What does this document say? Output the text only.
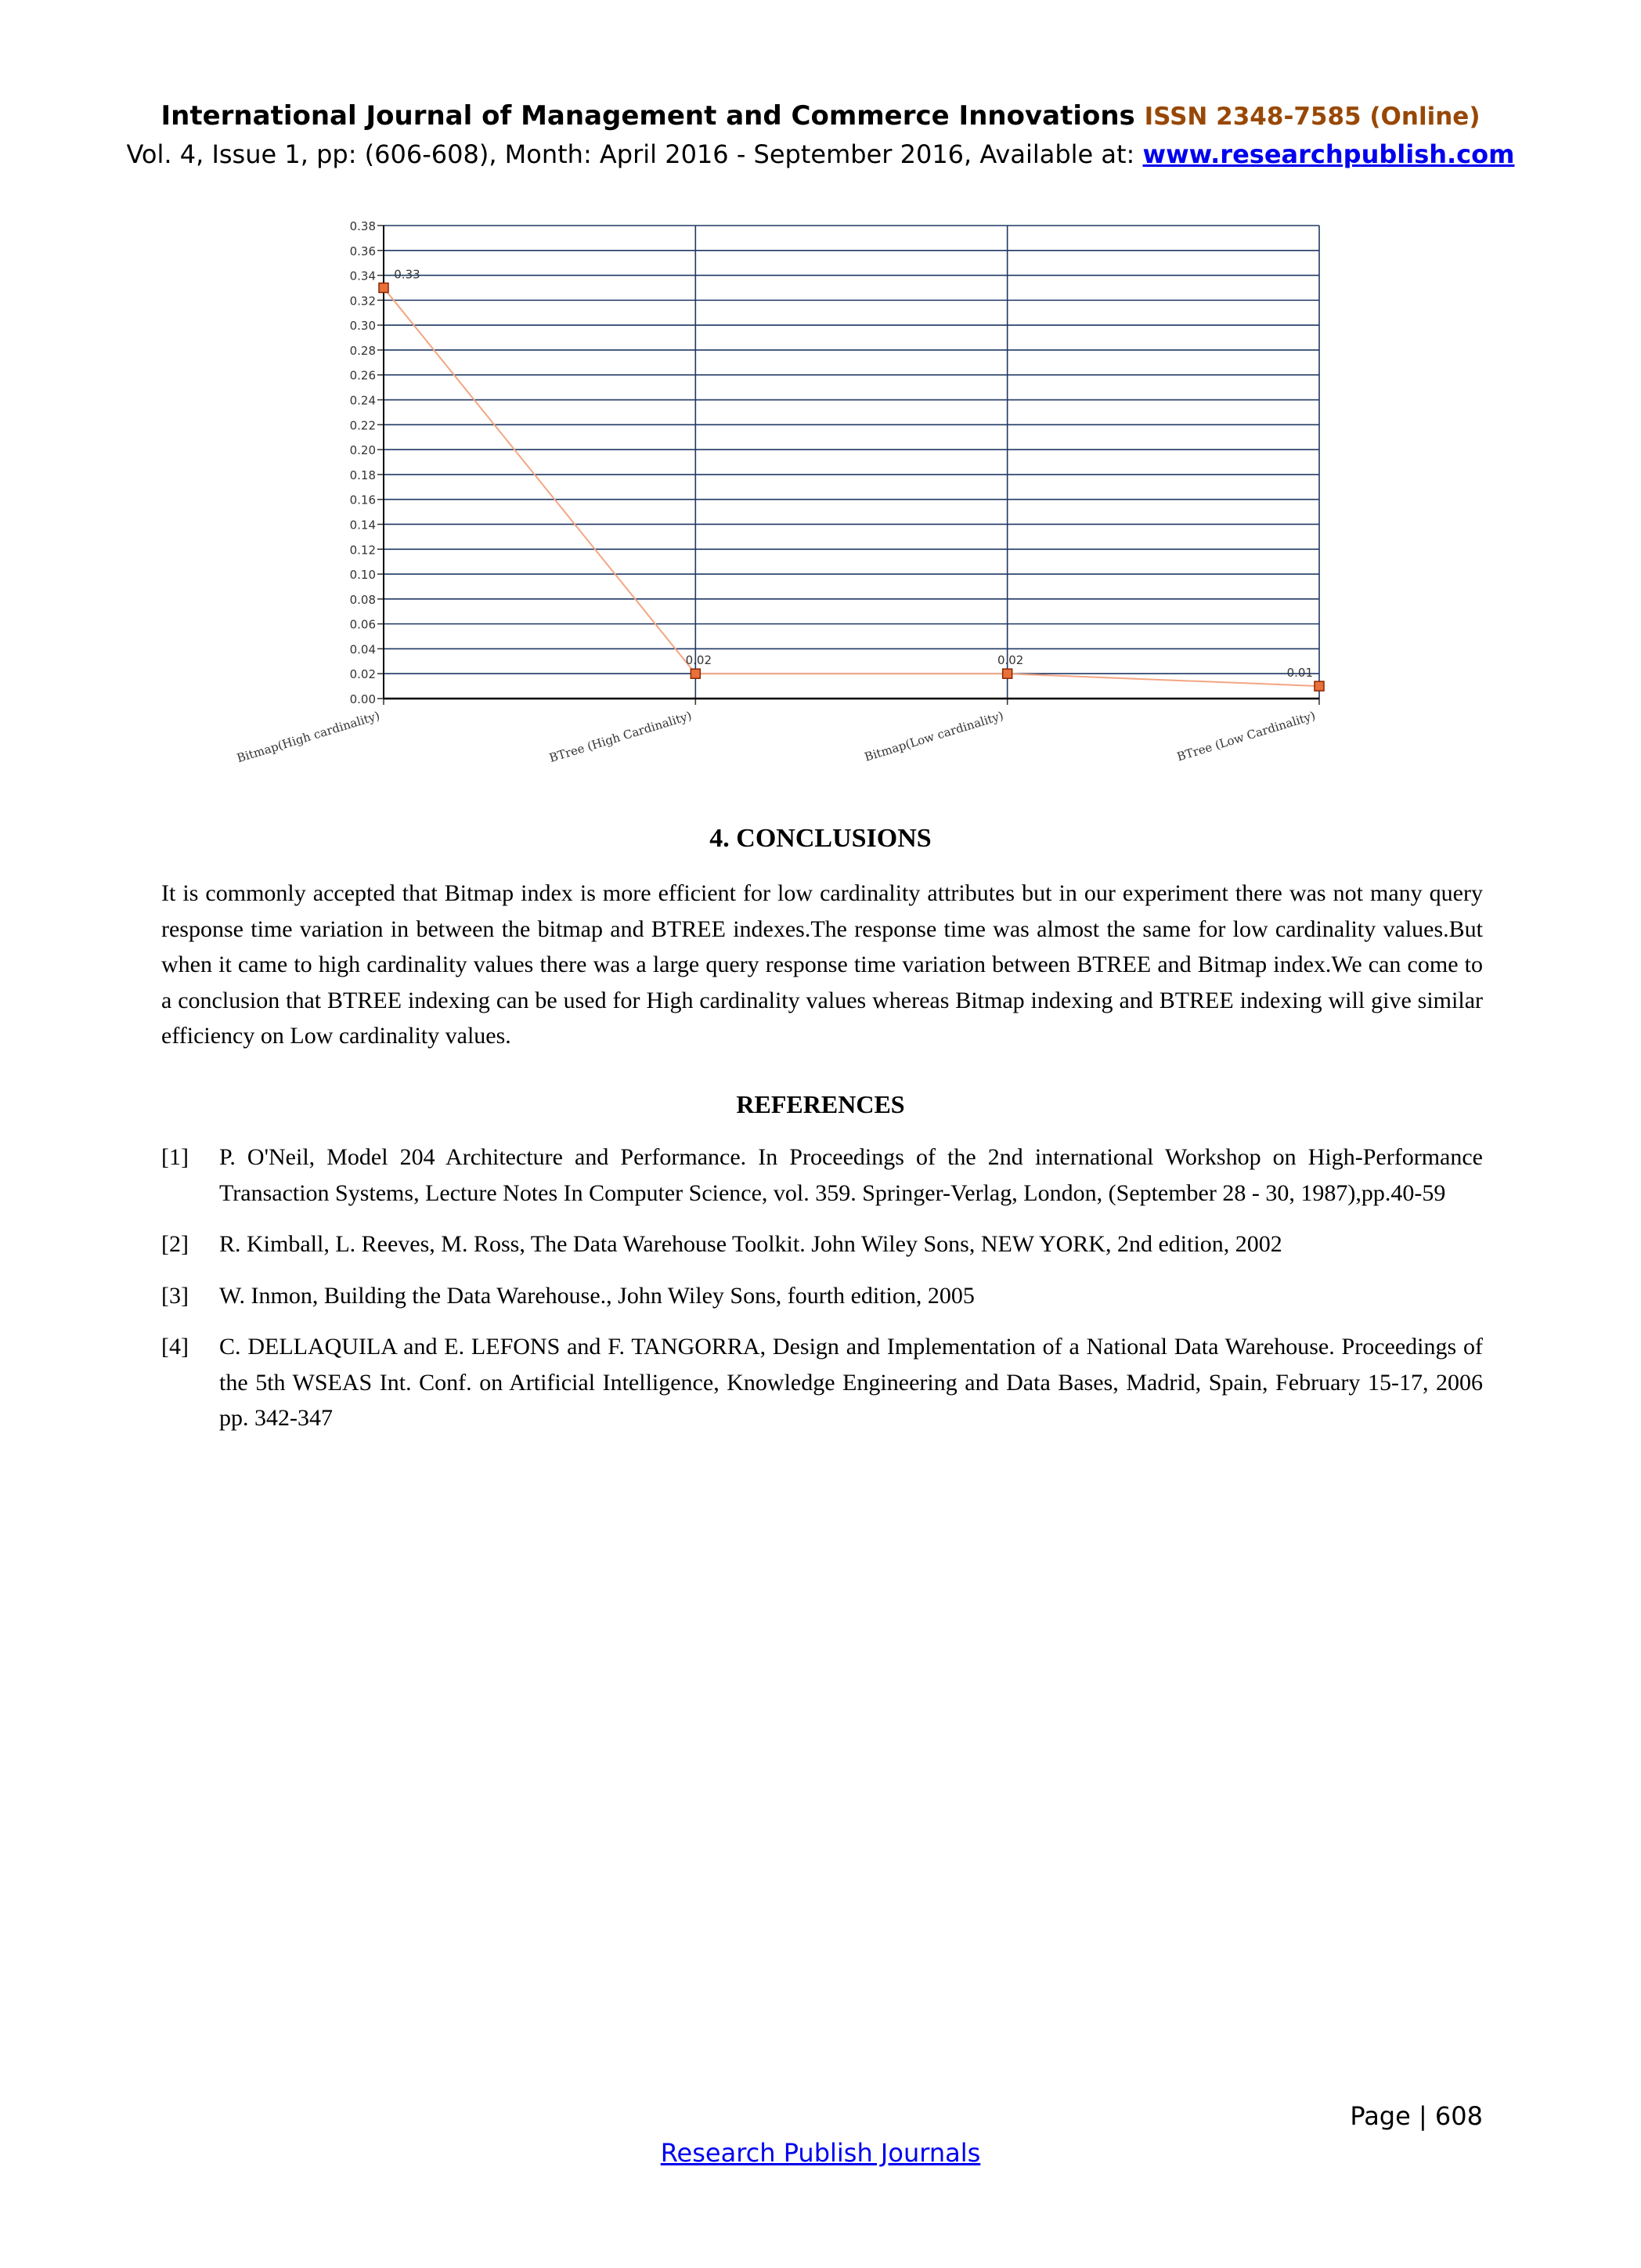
International Journal of Management and Commerce Innovations ISSN 2348-7585 (Online)
Vol. 4, Issue 1, pp: (606-608), Month: April 2016 - September 2016, Available at: www.researchpublish.com
0.00
0.02
0.04
0.06
0.08
0.10
0.12
0.14
0.16
0.18
0.20
0.22
0.24
0.26
0.28
0.30
0.32
0.34
0.36
0.38
0.33
0.02	0.02
0.01
Bitmap(High cardinality)	BTree (High Cardinality)	Bitmap(Low cardinality)	BTree (Low Cardinality)
4. CONCLUSIONS
It is commonly accepted that Bitmap index is more efficient for low cardinality attributes but in our experiment there was not many query response time variation in between the bitmap and BTREE indexes.The response time was almost the same for low cardinality values.But when it came to high cardinality values there was a large query response time variation between BTREE and Bitmap index.We can come to a conclusion that BTREE indexing can be used for High cardinality values whereas Bitmap indexing and BTREE indexing will give similar efficiency on Low cardinality values.
REFERENCES
[1] P. O'Neil, Model 204 Architecture and Performance. In Proceedings of the 2nd international Workshop on High-Performance Transaction Systems, Lecture Notes In Computer Science, vol. 359. Springer-Verlag, London, (September 28 - 30, 1987),pp.40-59
[2] R. Kimball, L. Reeves, M. Ross, The Data Warehouse Toolkit. John Wiley Sons, NEW YORK, 2nd edition, 2002
[3] W. Inmon, Building the Data Warehouse., John Wiley Sons, fourth edition, 2005
[4] C. DELLAQUILA and E. LEFONS and F. TANGORRA, Design and Implementation of a National Data Warehouse. Proceedings of the 5th WSEAS Int. Conf. on Artificial Intelligence, Knowledge Engineering and Data Bases, Madrid, Spain, February 15-17, 2006 pp. 342-347
Page | 608
Research Publish Journals
